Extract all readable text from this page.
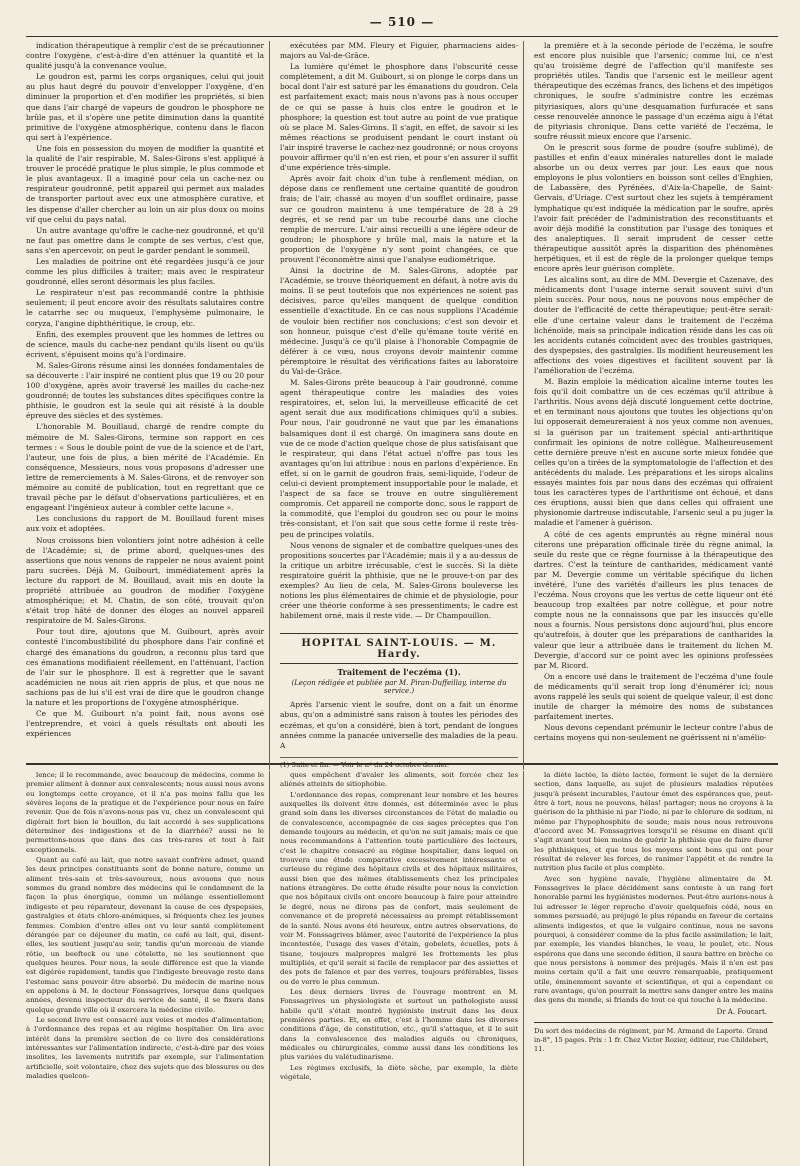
— 510 —

indication thérapeutique à remplir c'est de se précautionner contre l'oxygène, c'est-à-dire d'en atténuer la quantité et la qualité jusqu'à la convenance voulue.

Le goudron est, parmi les corps organiques, celui qui jouit au plus haut degré du pouvoir d'envelopper l'oxygène, d'en diminuer la proportion et d'en modifier les propriétés, si bien que dans l'air chargé de vapeurs de goudron le phosphore ne brûle pas, et il s'opère une petite diminution dans la quantité primitive de l'oxygène atmosphérique, contenu dans le flacon qui sert à l'expérience.

Une fois en possession du moyen de modifier la quantité et la qualité de l'air respirable, M. Sales-Girons s'est appliqué à trouver le procédé pratique le plus simple, le plus commode et le plus avantageux. Il a imaginé pour cela un cache-nez ou respirateur goudronné, petit appareil qui permet aux malades de transporter partout avec eux une atmosphère curative, et les dispense d'aller chercher au loin un air plus doux ou moins vif que celui du pays natal.

Un autre avantage qu'offre le cache-nez goudronné, et qu'il ne faut pas omettre dans le compte de ses vertus, c'est que, sans s'en apercevoir, on peut le garder pendant le sommeil.

Les maladies de poitrine ont été regardées jusqu'à ce jour comme les plus difficiles à traiter; mais avec le respirateur goudronné, elles seront désormais les plus faciles.

Le respirateur n'est pas recommandé contre la phthisie seulement; il peut encore avoir des résultats salutaires contre le catarrhe sec ou muqueux, l'emphysème pulmonaire, le coryza, l'angine diphthéritique, le croup, etc.

Enfin, des exemples prouvent que les hommes de lettres ou de science, mauls du cache-nez pendant qu'ils lisent ou qu'ils écrivent, s'épuisent moins qu'à l'ordinaire.

M. Sales-Girons résume ainsi les données fondamentales de sa découverte : l'air inspiré ne contient plus que 19 ou 20 pour 100 d'oxygène, après avoir traversé les mailles du cache-nez goudronné; de toutes les substances dites spécifiques contre la phthisie, le goudron est la seule qui ait résisté à la double épreuve des siècles et des systèmes.

L'honorable M. Bouillaud, chargé de rendre compte du mémoire de M. Sales-Girons, termine son rapport en ces termes : « Sous le double point de vue de la science et de l'art, l'auteur, une fois de plus, a bien mérité de l'Académie. En conséquence, Messieurs, nous vous proposons d'adresser une lettre de remerciements à M. Sales-Girons, et de renvoyer son mémoire au comité de publication, tout en regrettant que ce travail pèche par le défaut d'observations particulières, et en engageant l'ingénieux auteur à combler cette lacune ».

Les conclusions du rapport de M. Bouillaud furent mises aux voix et adoptées.

Nous croissons bien volontiers joint notre adhésion à celle de l'Académie; si, de prime abord, quelques-unes des assertions que nous venons de rappeler ne nous avaient point paru sucrées. Déjà M. Guibourt, immédiatement après la lecture du rapport de M. Bouillaud, avait mis en doute la propriété attribuée au goudron de modifier l'oxygène atmosphérique; et M. Chatin, de son côté, trouvait qu'on s'était trop hâté de donner des éloges au nouvel appareil respiratoire de M. Sales-Girons.

Pour tout dire, ajoutons que M. Guibourt, après avoir contesté l'incombustibilité du phosphore dans l'air confiné et chargé des émanations du goudron, a reconnu plus tard que ces émanations modifiaient réellement, en l'atténuant, l'action de l'air sur le phosphore. Il est à regretter que le savant académicien ne nous ait rien appris de plus, et que nous ne sachions pas de lui s'il est vrai de dire que le goudron change la nature et les proportions de l'oxygène atmosphérique.

Ce que M. Guibourt n'a point fait, nous avons osé l'entreprendre, et voici à quels résultats ont abouti les expériences

exécutées par MM. Fleury et Figuier, pharmaciens aides-majors au Val-de-Grâce.

La lumière qu'émet le phosphore dans l'obscurité cesse complètement, a dit M. Guibourt, si on plonge le corps dans un bocal dont l'air est saturé par les émanations du goudron. Cela est parfaitement exact; mais nous n'avons pas à nous occuper de ce qui se passe à huis clos entre le goudron et le phosphore; la question est tout autre au point de vue pratique où se place M. Sales-Girons. Il s'agit, en effet, de savoir si les mêmes réactions se produisent pendant le court instant où l'air inspiré traverse le cachez-nez goudronné; or nous croyons pouvoir affirmer qu'il n'en est rien, et pour s'en assurer il suffit d'une expérience très-simple.

Après avoir fait choix d'un tube à renflement médian, on dépose dans ce renflement une certaine quantité de goudron frais; de l'air, chassé au moyen d'un soufflet ordinaire, passe sur ce goudron maintenu à une température de 28 à 29 degrés, et se rend par un tube recourbé dans une cloche remplie de mercure. L'air ainsi recueilli a une légère odeur de goudron; le phosphore y brûle mal, mais la nature et la proportion de l'oxygène n'y sont point changées, ce que prouvent l'économètre ainsi que l'analyse eudiométrique.

Ainsi la doctrine de M. Sales-Girons, adoptée par l'Académie, se trouve théoriquement en défaut, à notre avis du moins. Il se peut toutefois que nos expériences ne soient pas décisives, parce qu'elles manquent de quelque condition essentielle d'exactitude. En ce cas nous supplions l'Académie de vouloir bien rectifier nos conclusions; c'est son devoir et son honneur, puisque c'est d'elle qu'émane toute vérité en médecine. Jusqu'à ce qu'il plaise à l'honorable Compagnie de déférer à ce vœu, nous croyons devoir maintenir comme péremptoire le résultat des vérifications faites au laboratoire du Val-de-Grâce.

M. Sales-Girons prête beaucoup à l'air goudronné, comme agent thérapeutique contre les maladies des voies respiratoires, et, selon lui, la merveilleuse efficacité de cet agent serait due aux modifications chimiques qu'il a subies. Pour nous, l'air goudronné ne vaut que par les émanations balsamiques dont il est chargé. On imaginera sans doute en vue de ce mode d'action quelque chose de plus satisfaisant que le respirateur, qui dans l'état actuel n'offre pas tous les avantages qu'on lui attribue : nous en parlons d'expérience. En effet, si on le garnit de goudron frais, semi-liquide, l'odeur de celui-ci devient promptement insupportable pour le malade, et l'aspect de sa face se trouve en outre singulièrement compromis. Cet appareil ne comporte donc, sous le rapport de la commodité, que l'emploi du goudron sec ou pour le moins très-consistant, et l'on sait que sous cette forme il reste très-peu de principes volatils.

Nous venons de signaler et de combattre quelques-unes des propositions soucertes par l'Académie; mais il y a au-dessus de la critique un arbitre irrécusable, c'est le succès. Si la diète respiratoire guérit la phthisie, que ne le prouve-t-on par des exemples? Au lieu de cela, M. Sales-Girons bouleverse les notions les plus élémentaires de chimie et de physiologie, pour créer une théorie conforme à ses pressentiments; le cadre est habilement orné, mais il reste vide. — Dr Champouillon.

HOPITAL SAINT-LOUIS. — M. Hardy.
Traitement de l'eczéma (1).
(Leçon rédigée et publiée par M. Piran-Duffeillay, interne du service.)

Après l'arsenic vient le soufre, dont on a fait un énorme abus, qu'on a administré sans raison à toutes les périodes des eczémas, et qu'on a considéré, bien à tort, pendant de longues années comme la panacée universelle des maladies de la peau. A

(1) Suite et fin. — Voir le nº du 24 octobre dernier.

la première et à la seconde période de l'eczéma, le soufre est encore plus nuisible que l'arsenic; comme lui, ce n'est qu'au troisième degré de l'affection qu'il manifeste ses propriétés utiles. Tandis que l'arsenic est le meilleur agent thérapeutique des eczémas francs, des lichens et des impétigos chroniques, le soufre s'administre contre les eczémas pityriasiques, alors qu'une desquamation furfuracée et sans cesse renouvelée annonce le passage d'un eczéma aigu à l'état de pityriasis chronique. Dans cette variété de l'eczéma, le soufre réussit mieux encore que l'arsenic.

On le prescrit sous forme de poudre (soufre sublimé), de pastilles et enfin d'eaux minérales naturelles dont le malade absorbe un ou deux verres par jour. Les eaux que nous employons le plus volontiers en boisson sont celles d'Enghien, de Labassère, des Pyrénées, d'Aix-la-Chapelle, de Saint-Gervais, d'Uriage. C'est surtout chez les sujets à tempérament lymphatique qu'est indiquée la médication par le soufre, après l'avoir fait précéder de l'administration des reconstituants et avoir déjà modifié la constitution par l'usage des toniques et des analeptiques. Il serait imprudent de cesser cette thérapeutique aussitôt après la disparition des phénomènes herpétiques, et il est de règle de la prolonger quelque temps encore après leur guérison complète.

Les alcalins sont, au dire de MM. Devergie et Cazenave, des médicaments dont l'usage interne serait souvent suivi d'un plein succès. Pour nous, nous ne pouvons nous empêcher de douter de l'efficacité de cette thérapeutique; peut-être serait-elle d'une certaine valeur dans le traitement de l'eczéma lichénoïde, mais sa principale indication réside dans les cas où les accidents cutanés coïncident avec des troubles gastriques, des dyspepsies, des gastralgies. Ils modifient heureusement les affections des voies digestives et facilitent souvent par là l'amélioration de l'eczéma.

M. Bazin emploie la médication alcaline interne toutes les fois qu'il doit combattre un de ces eczémas qu'il attribue à l'arthritis. Nous avons déjà discuté longuement cette doctrine, et en terminant nous ajoutons que toutes les objections qu'on lui opposerait demeureraient à nos yeux comme non avenues, si la guérison par un traitement spécial anti-arthritique confirmait les opinions de notre collègue. Malheureusement cette dernière preuve n'est en aucune sorte mieux fondée que celles qu'on a tirées de la symptomatologie de l'affection et des antécédents du malade. Les préparations et les sirops alcalins essayés maintes fois par nous dans des eczémas qui offraient tous les caractères types de l'arthritisme ont échoué, et dans ces éruptions, aussi bien que dans celles qui offraient une physionomie dartreuse indiscutable, l'arsenic seul a pu juger la maladie et l'amener à guérison.

A côté de ces agents empruntés au règne minéral nous citerons une préparation officinale tirée du règne animal, la seule du reste que ce règne fournisse à la thérapeutique des dartres. C'est la teinture de cantharides, médicament vanté par M. Devergie comme un véritable spécifique du lichen invétéré, l'une des variétés d'ailleurs les plus tenaces de l'eczéma. Nous croyons que les vertus de cette liqueur ont été beaucoup trop exaltées par notre collègue, et pour notre compte nous ne la connaissons que par les insuccès qu'elle nous a fournis. Nous persistons donc aujourd'hui, plus encore qu'autrefois, à douter que les préparations de cantharides la valeur que leur a attribuée dans le traitement du lichen M. Devergie, d'accord sur ce point avec les opinions professées par M. Ricord.

On a encore usé dans le traitement de l'eczéma d'une foule de médicaments qu'il serait trop long d'énumérer ici; nous avons rappelé les seuls qui soient de quelque valeur, il est donc inutile de charger la mémoire des noms de substances parfaitement inertes.

Nous devons cependant prémunir le lecteur contre l'abus de certains moyens qui non-seulement ne guérissent ni n'amélio-

lence; il le recommande, avec beaucoup de médecins, comme le premier aliment à donner aux convalescents; nous aussi nous avons eu longtemps cette croyance, et il n'a pas moins fallu que les sévères leçons de la pratique et de l'expérience pour nous en faire revenir. Que de fois n'avons-nous pas vu, chez un convalescent qui digérait fort bien le bouillon, du lait accordé à ses supplications déterminer des indigestions et de la diarrhée? aussi ne le permettons-nous que dans des cas très-rares et tout à fait exceptionnels.

Quant au café au lait, que notre savant confrère admet, quand les deux principes constituants sont de bonne nature, comme un aliment très-sain et très-savoureux, nous avouons que nous sommes du grand nombre des médecins qui le condamnent de la façon la plus énergique, comme un mélange essentiellement indigeste et peu réparateur, devenant la cause de ces dyspepsies, gastralgies et états chloro-anémiques, si fréquents chez les jeunes femmes. Combien d'entre elles ont vu leur santé complètement dérangée par ce déjeuner du matin, ce café au lait, qui, disent-elles, les soutient jusqu'au soir, tandis qu'un morceau de viande rôtie, un beefteck ou une côtelette, ne les soutiennent que quelques heures. Pour nous, la seule différence est que la viande est digérée rapidement, tandis que l'indigeste breuvage reste dans l'estomac sans pouvoir être absorbé. Du médecin de marine nous en appelons à M. le docteur Fonssagrives, lorsque dans quelques années, devenu inspecteur du service de santé, il se fixera dans quelque grande ville où il exercera la médecine civile.

Le second livre est consacré aux voies et modes d'alimentation; à l'ordonnance des repas et au régime hospitalier. On lira avec intérêt dans la première section de ce livre des considérations intéressantes sur l'alimentation indirecte, c'est-à-dire par des voies insolites, les lavements nutritifs par exemple, sur l'alimentation artificielle, soit volontaire, chez des sujets que des blessures ou des maladies quelcon-

ques empêchent d'avaler les aliments, soit forcée chez les aliénés atteints de sitiophobie.

L'ordonnance des repas, comprenant leur nombre et les heures auxquelles ils doivent être donnés, est déterminée avec le plus grand soin dans les diverses circonstances de l'état de maladie ou de convalescence, accompagnée de ces sages préceptes que l'on demande toujours au médecin, et qu'on ne suit jamais; mais ce que nous recommandons à l'attention toute particulière des lecteurs, c'est le chapitre consacré au régime hospitalier, dans lequel on trouvera une étude comparative excessivement intéressante et curieuse du régime des hôpitaux civils et des hôpitaux militaires, aussi bien que des mêmes établissements chez les principales nations étrangères. De cette étude résulte pour nous la conviction que nos hôpitaux civils ont encore beaucoup à faire pour atteindre le degré, nous ne dirons pas de confort, mais seulement de convenance et de propreté nécessaires au prompt rétablissement de la santé. Nous avons été heureux, entre autres observations, de voir M. Fonssagrives blâmer, avec l'autorité de l'expérience la plus incontestée, l'usage des vases d'étain, gobelets, écuelles, pots à tisane, toujours malpropres malgré les frottements les plus multipliés, et qu'il serait si facile de remplacer par des assiettes et des pots de faïence et par des verres, toujours préférables, lisses ou de verre le plus commun.

Les deux derniers livres de l'ouvrage montrent en M. Fonssagrives un physiologiste et surtout un pathologiste aussi habile qu'il s'était montré hygiéniste instruit dans les deux premières parties. Et, en effet, c'est à l'homme dans les diverses conditions d'âge, de constitution, etc., qu'il s'attaque, et il le suit dans la convalescence des maladies aiguës ou chroniques, médicales ou chirurgicales, comme aussi dans les conditions les plus variées du valétudinarisme.

Les régimes exclusifs, la diète sèche, par exemple, la diète végétale,

la diète lactée, la diète lactée, forment le sujet de la dernière section, dans laquelle, au sujet de plusieurs maladies réputées jusqu'à présent incurables, l'auteur émet des espérances que, peut-être à tort, nous ne pouvons, hélas! partager; nous ne croyons à la guérison de la phthisie ni par l'iode, ni par le chlorure de sodium, ni même par l'hypophosphite de soude; mais nous nous retrouvons d'accord avec M. Fonssagrives lorsqu'il se résume en disant qu'il s'agit avant tout bien moins de guérir la phthisie que de faire durer les phthisiques, et que tous les moyens sont bons qui ont pour résultat de relever les forces, de ranimer l'appétit et de rendre la nutrition plus facile et plus complète.

Avec son hygiène navale, l'hygiène alimentaire de M. Fonssagrives le place décidément sans conteste à un rang fort honorable parmi les hygiénistes modernes. Peut-être aurions-nous à lui adresser le léger reproche d'avoir quelquefois cédé, nous en sommes persuadé, au préjugé le plus répandu en faveur de certains aliments indigestes, et que le vulgaire continue, nous ne savons pourquoi, à considérer comme de la plus facile assimilation; le lait, par exemple, les viandes blanches, le veau, le poulet, etc. Nous espérons que dans une seconde édition, il saura battre en brèche ce que nous persistons à nommer des préjugés. Mais il n'en est pas moins certain qu'il a fait une œuvre remarquable, pratiquement utile, éminemment savante et scientifique, et qui a cependant ce rare avantage, qu'on pourrait la mettre sans danger entre les mains des gens du monde, si friands de tout ce qui touche à la médecine.

Dr A. Foucart.
Du sort des médecins de régiment, par M. Armand de Laporte. Grand in-8°, 15 pages. Prix : 1 fr. Chez Victor Rozier, éditeur, rue Childebert, 11.
